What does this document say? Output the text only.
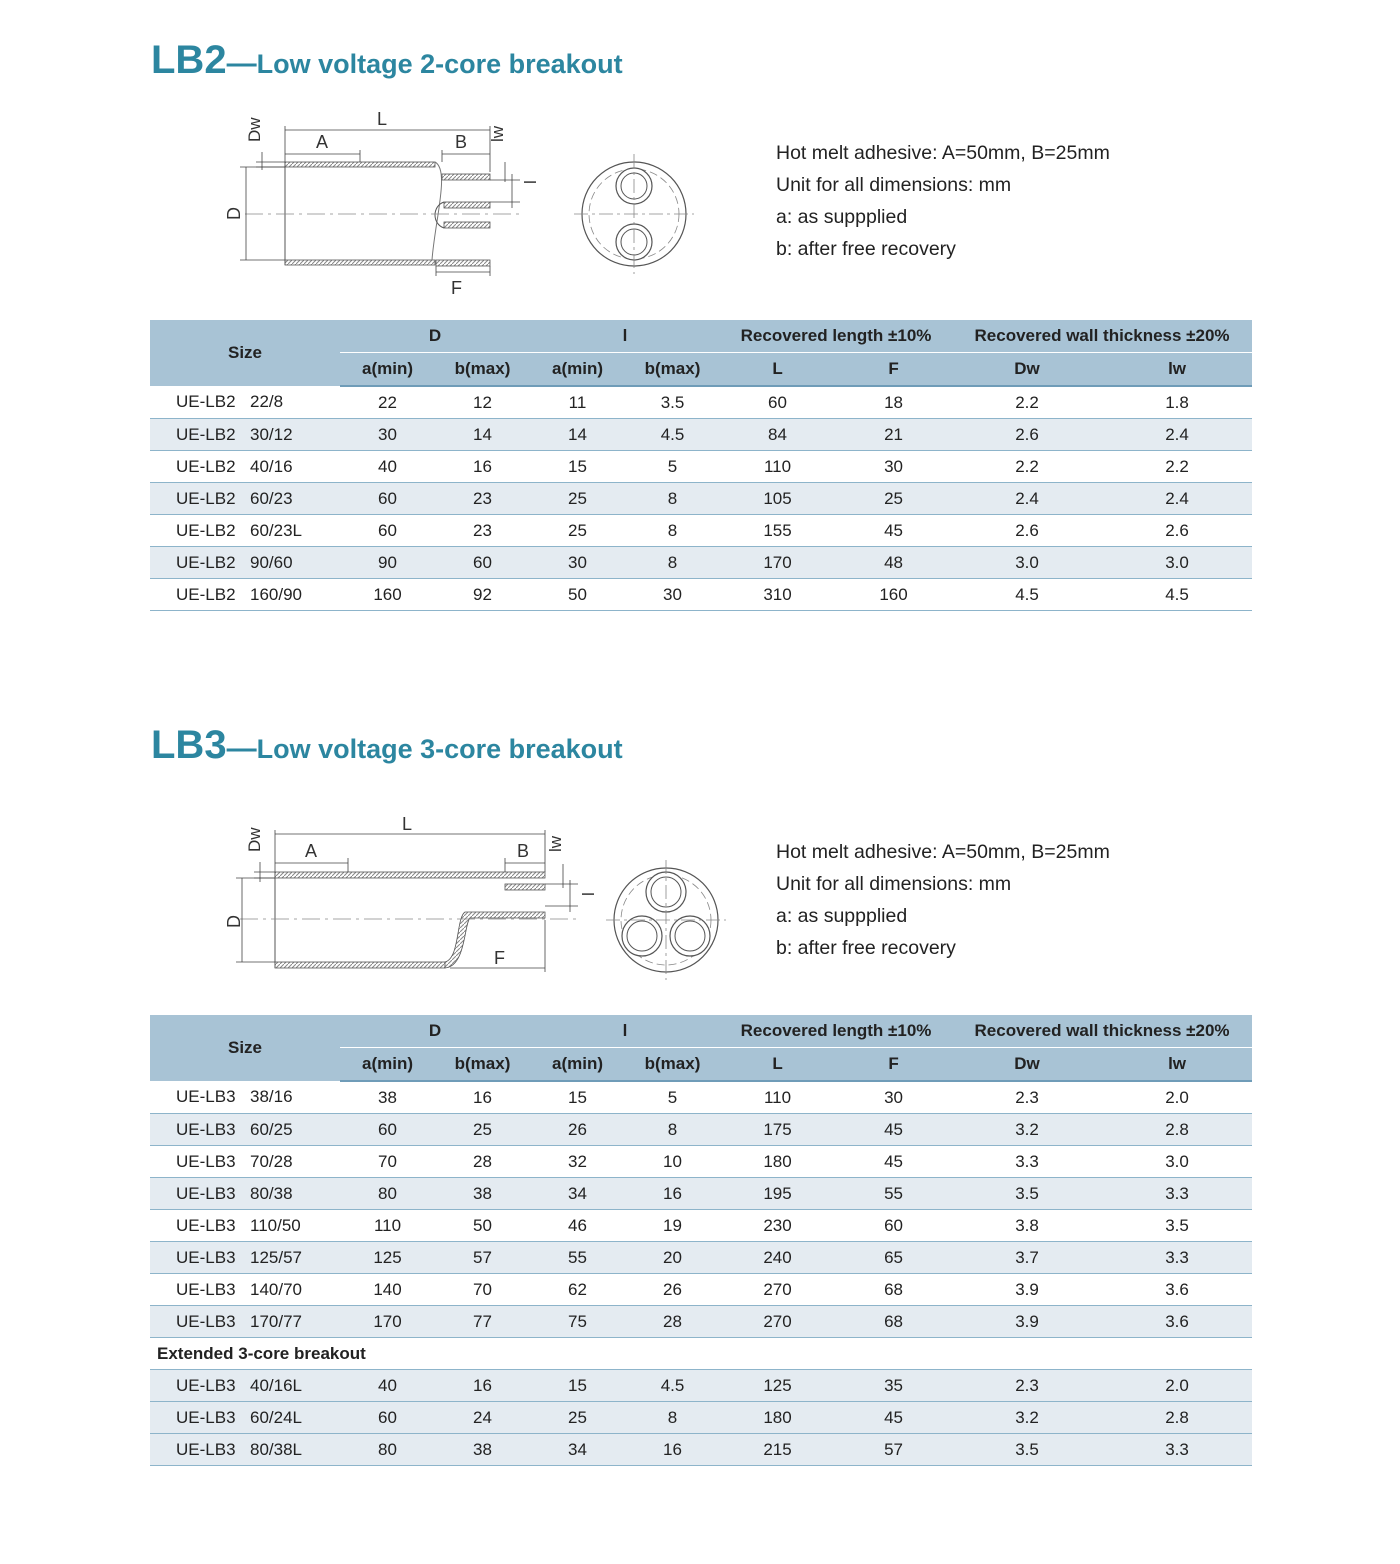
LB2—Low voltage 2-core breakout
L
A	B
Dw	lw
l
D
F
Hot melt adhesive: A=50mm, B=25mm
Unit for all dimensions: mm
a: as suppplied
b: after free recovery
Size	D		l		Recovered length ±10%		Recovered wall thickness ±20%	
	a(min)	b(max)	a(min)	b(max)	L	F	Dw	lw
UE-LB2 22/8	22	12	11	3.5	60	18	2.2	1.8
UE-LB2 30/12	30	14	14	4.5	84	21	2.6	2.4
UE-LB2 40/16	40	16	15	5	110	30	2.2	2.2
UE-LB2 60/23	60	23	25	8	105	25	2.4	2.4
UE-LB2 60/23L	60	23	25	8	155	45	2.6	2.6
UE-LB2 90/60	90	60	30	8	170	48	3.0	3.0
UE-LB2 160/90	160	92	50	30	310	160	4.5	4.5
LB3—Low voltage 3-core breakout
L
A	B
Dw	lw
l
D
F
Hot melt adhesive: A=50mm, B=25mm
Unit for all dimensions: mm
a: as suppplied
b: after free recovery
Size	D		l		Recovered length ±10%		Recovered wall thickness ±20%	
	a(min)	b(max)	a(min)	b(max)	L	F	Dw	lw
UE-LB3 38/16	38	16	15	5	110	30	2.3	2.0
UE-LB3 60/25	60	25	26	8	175	45	3.2	2.8
UE-LB3 70/28	70	28	32	10	180	45	3.3	3.0
UE-LB3 80/38	80	38	34	16	195	55	3.5	3.3
UE-LB3 110/50	110	50	46	19	230	60	3.8	3.5
UE-LB3 125/57	125	57	55	20	240	65	3.7	3.3
UE-LB3 140/70	140	70	62	26	270	68	3.9	3.6
UE-LB3 170/77	170	77	75	28	270	68	3.9	3.6
Extended 3-core breakout								
UE-LB3 40/16L	40	16	15	4.5	125	35	2.3	2.0
UE-LB3 60/24L	60	24	25	8	180	45	3.2	2.8
UE-LB3 80/38L	80	38	34	16	215	57	3.5	3.3
